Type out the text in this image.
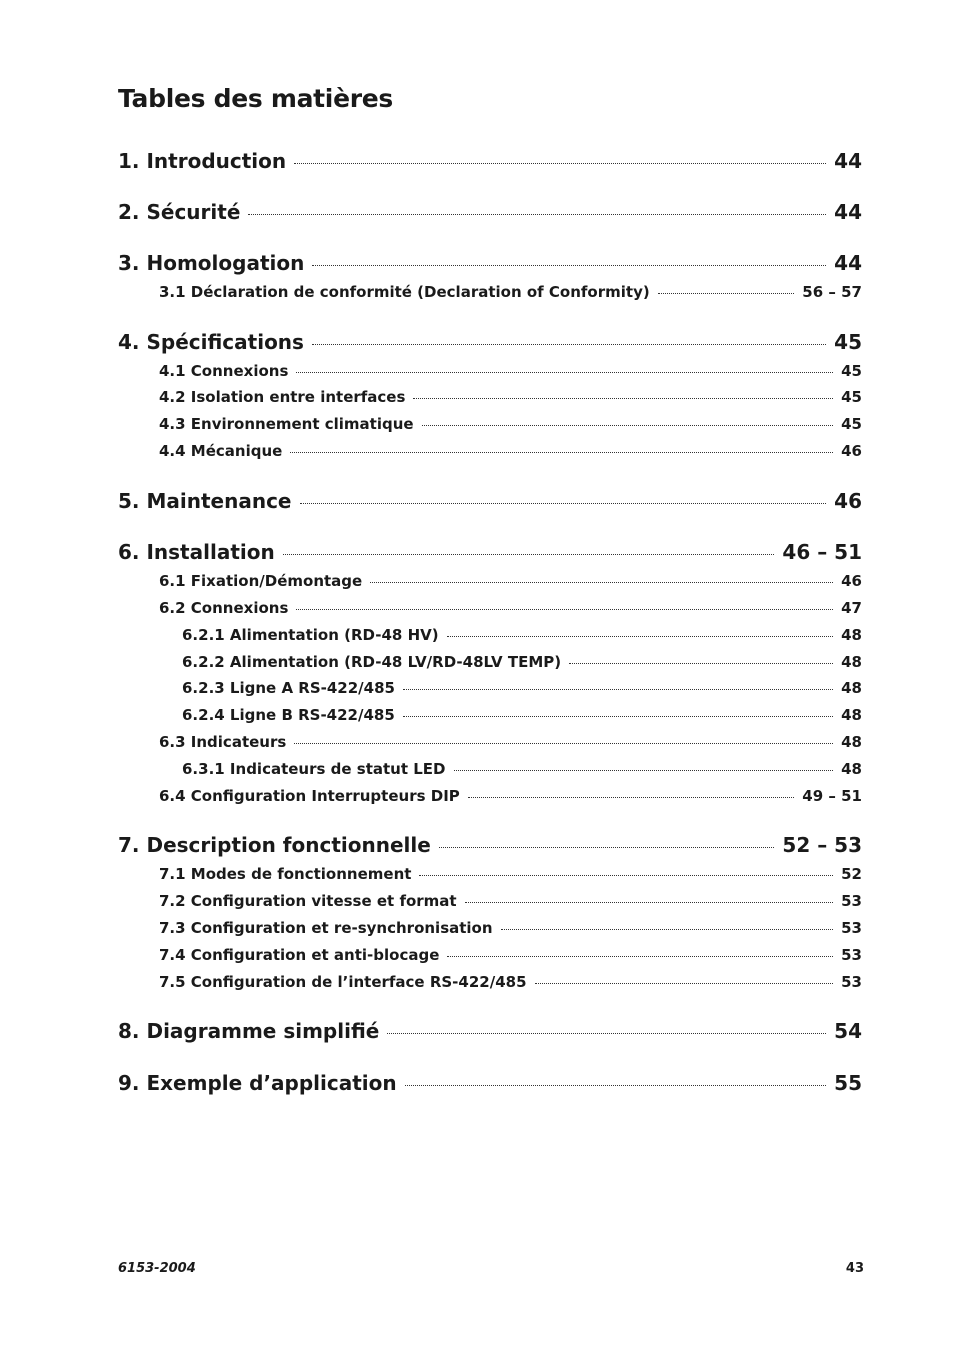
Tables des matières
1. Introduction	44
2. Sécurité	44
3. Homologation	44
3.1 Déclaration de conformité (Declaration of Conformity)	56 – 57
4. Spécifications	45
4.1 Connexions	45
4.2 Isolation entre interfaces	45
4.3 Environnement climatique	45
4.4 Mécanique	46
5. Maintenance	46
6. Installation	46 – 51
6.1 Fixation/Démontage	46
6.2 Connexions	47
6.2.1 Alimentation (RD-48 HV)	48
6.2.2 Alimentation (RD-48 LV/RD-48LV TEMP)	48
6.2.3 Ligne A RS-422/485	48
6.2.4 Ligne B RS-422/485	48
6.3 Indicateurs	48
6.3.1 Indicateurs de statut LED	48
6.4 Configuration Interrupteurs DIP	49 – 51
7. Description fonctionnelle	52 – 53
7.1 Modes de fonctionnement	52
7.2 Configuration vitesse et format	53
7.3 Configuration et re-synchronisation	53
7.4 Configuration et anti-blocage	53
7.5 Configuration de l’interface RS-422/485	53
8. Diagramme simplifié	54
9. Exemple d’application	55
6153-2004	43
